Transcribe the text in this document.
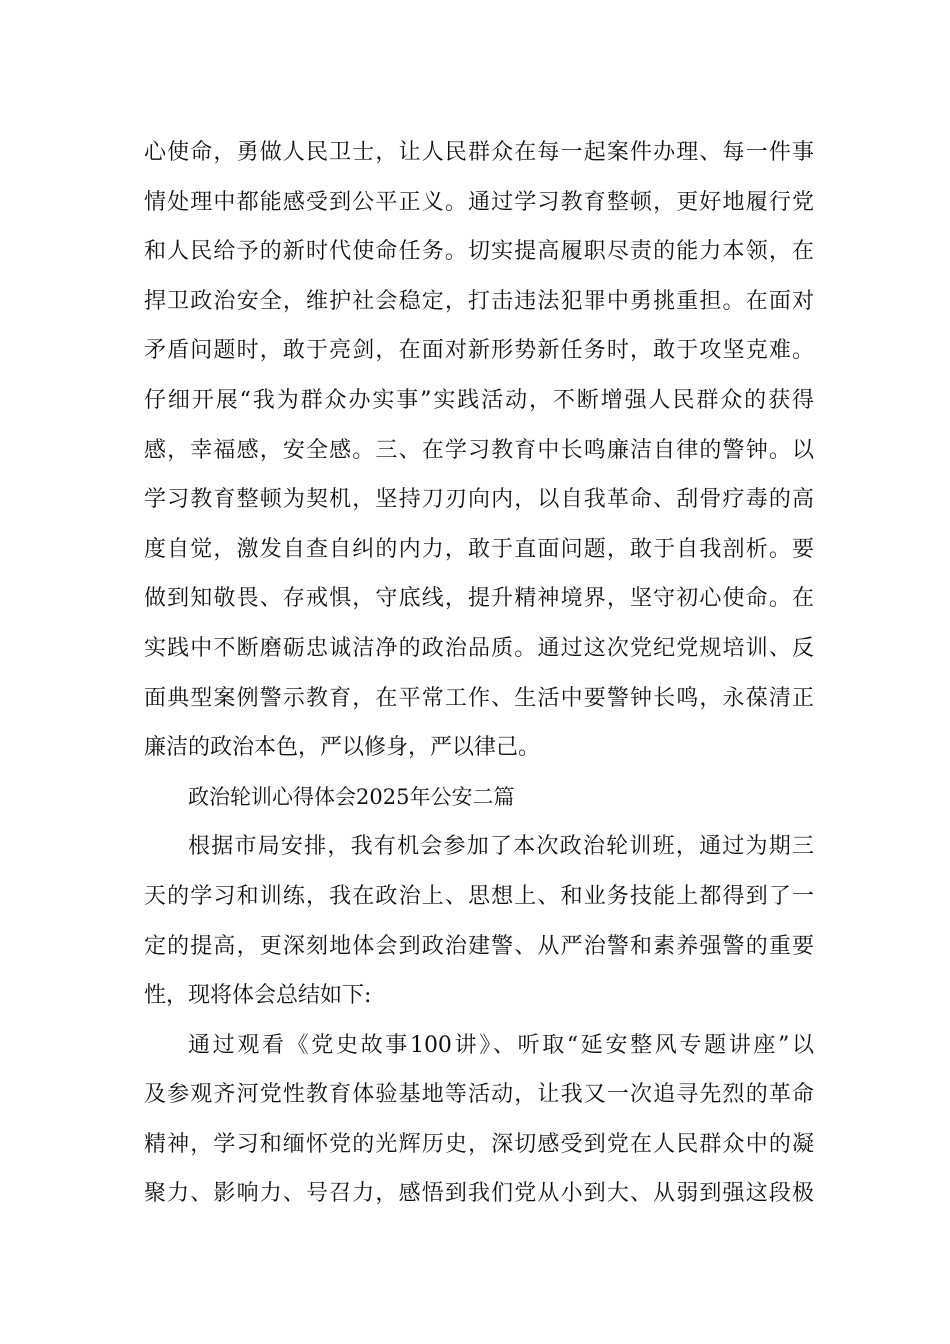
心使命，勇做人民卫士，让人民群众在每一起案件办理、每一件事
情处理中都能感受到公平正义。通过学习教育整顿，更好地履行党
和人民给予的新时代使命任务。切实提高履职尽责的能力本领，在
捍卫政治安全，维护社会稳定，打击违法犯罪中勇挑重担。在面对
矛盾问题时，敢于亮剑，在面对新形势新任务时，敢于攻坚克难。
仔细开展“我为群众办实事”实践活动，不断增强人民群众的获得
感，幸福感，安全感。三、在学习教育中长鸣廉洁自律的警钟。以
学习教育整顿为契机，坚持刀刃向内，以自我革命、刮骨疗毒的高
度自觉，激发自查自纠的内力，敢于直面问题，敢于自我剖析。要
做到知敬畏、存戒惧，守底线，提升精神境界，坚守初心使命。在
实践中不断磨砺忠诚洁净的政治品质。通过这次党纪党规培训、反
面典型案例警示教育，在平常工作、生活中要警钟长鸣，永葆清正
廉洁的政治本色，严以修身，严以律己。
政治轮训心得体会2025年公安二篇
根据市局安排，我有机会参加了本次政治轮训班，通过为期三
天的学习和训练，我在政治上、思想上、和业务技能上都得到了一
定的提高，更深刻地体会到政治建警、从严治警和素养强警的重要
性，现将体会总结如下:
通过观看《党史故事100讲》、听取“延安整风专题讲座”以
及参观齐河党性教育体验基地等活动，让我又一次追寻先烈的革命
精神，学习和缅怀党的光辉历史，深切感受到党在人民群众中的凝
聚力、影响力、号召力，感悟到我们党从小到大、从弱到强这段极
